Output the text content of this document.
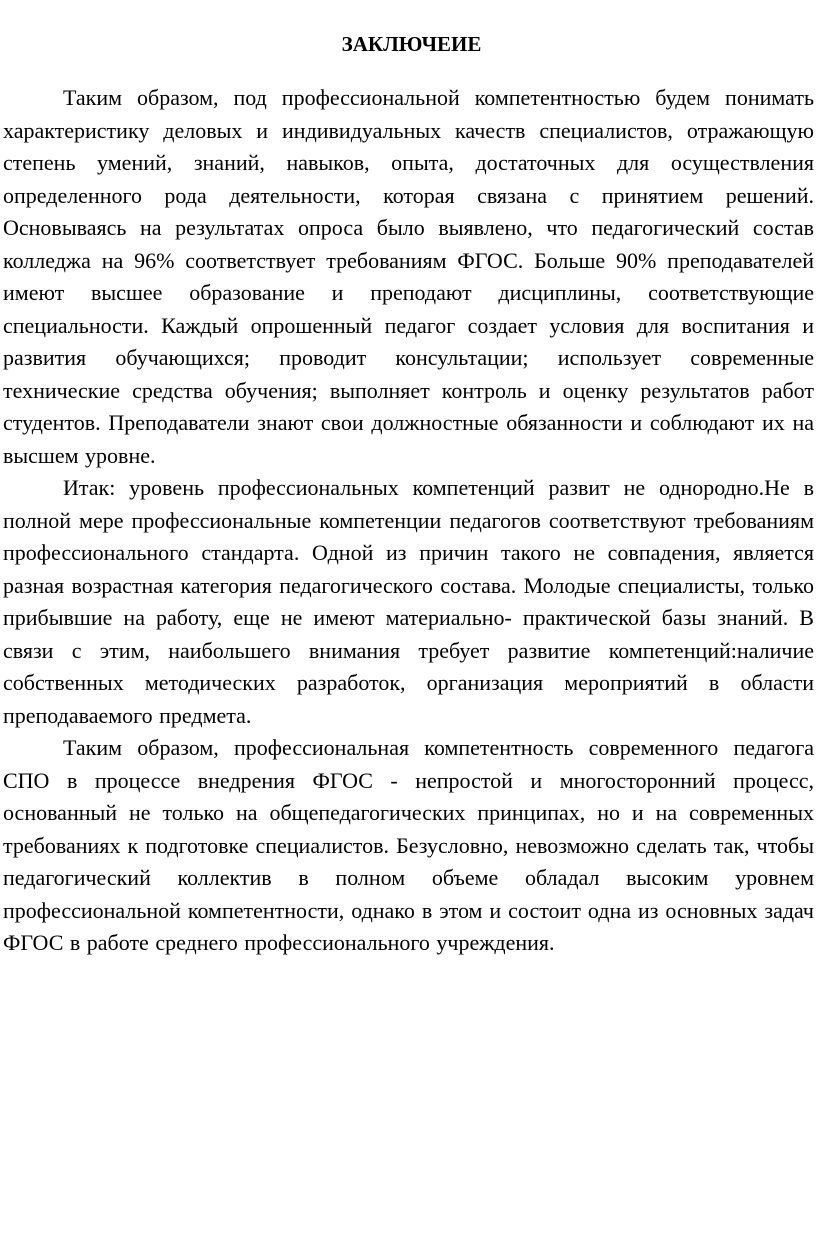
ЗАКЛЮЧЕИЕ

Таким образом, под профессиональной компетентностью будем понимать характеристику деловых и индивидуальных качеств специалистов, отражающую степень умений, знаний, навыков, опыта, достаточных для осуществления определенного рода деятельности, которая связана с принятием решений. Основываясь на результатах опроса было выявлено, что педагогический состав колледжа на 96% соответствует требованиям ФГОС. Больше 90% преподавателей имеют высшее образование и преподают дисциплины, соответствующие специальности. Каждый опрошенный педагог создает условия для воспитания и развития обучающихся; проводит консультации; использует современные технические средства обучения; выполняет контроль и оценку результатов работ студентов. Преподаватели знают свои должностные обязанности и соблюдают их на высшем уровне.

Итак: уровень профессиональных компетенций развит не однородно.Не в полной мере профессиональные компетенции педагогов соответствуют требованиям профессионального стандарта. Одной из причин такого не совпадения, является разная возрастная категория педагогического состава. Молодые специалисты, только прибывшие на работу, еще не имеют материально- практической базы знаний. В связи с этим, наибольшего внимания требует развитие компетенций:наличие собственных методических разработок, организация мероприятий в области преподаваемого предмета.

Таким образом, профессиональная компетентность современного педагога СПО в процессе внедрения ФГОС - непростой и многосторонний процесс, основанный не только на общепедагогических принципах, но и на современных требованиях к подготовке специалистов. Безусловно, невозможно сделать так, чтобы педагогический коллектив в полном объеме обладал высоким уровнем профессиональной компетентности, однако в этом и состоит одна из основных задач ФГОС в работе среднего профессионального учреждения.
